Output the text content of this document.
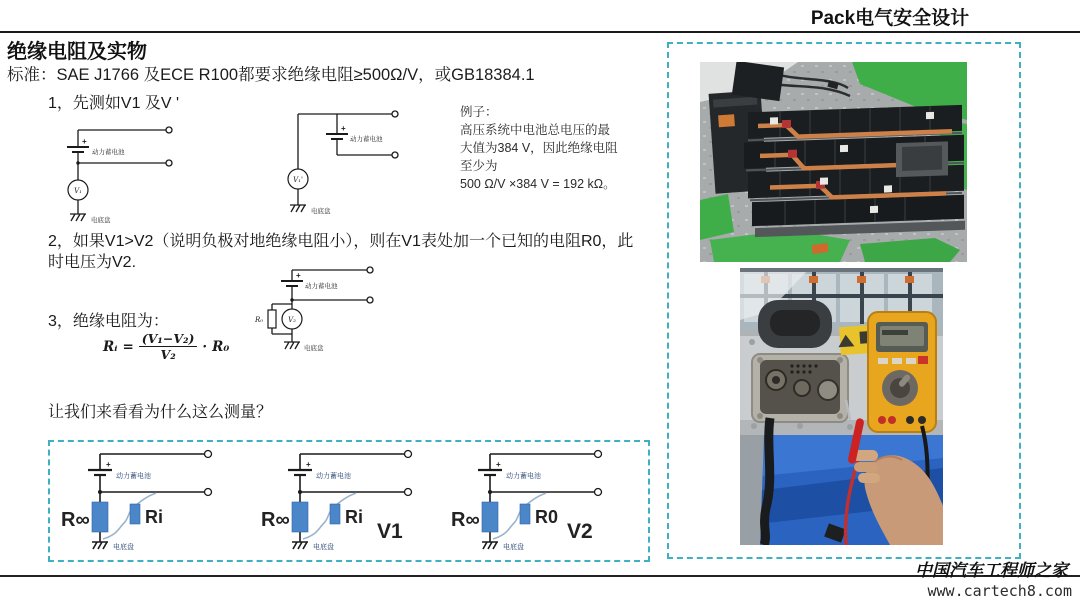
Pack电气安全设计
绝缘电阻及实物
标准：SAE J1766 及ECE R100都要求绝缘电阻≥500Ω/V，或GB18384.1
1，先测如V1 及V '
+
动力蓄电池
V₁
电底盘
+
动力蓄电池
V₁'
电底盘
例子：
高压系统中电池总电压的最
大值为384 V，因此绝缘电阻
至少为
500 Ω/V ×384 V = 192 kΩ。
2，如果V1>V2（说明负极对地绝缘电阻小），则在V1表处加一个已知的电阻R0，此
时电压为V2.
+
动力蓄电池
R₀	V₂
电底盘
3，绝缘电阻为：
Rᵢ = $\frac{\text{(V₁−V₂)}}{\text{V₂}} \cdot R_0$
让我们来看看为什么这么测量？
+
动力蓄电池
R∞	Ri
电底盘
+
动力蓄电池
R∞	Ri
V1
电底盘
+
动力蓄电池
R∞	R0
V2
电底盘
中国汽车工程师之家
www.cartech8.com
